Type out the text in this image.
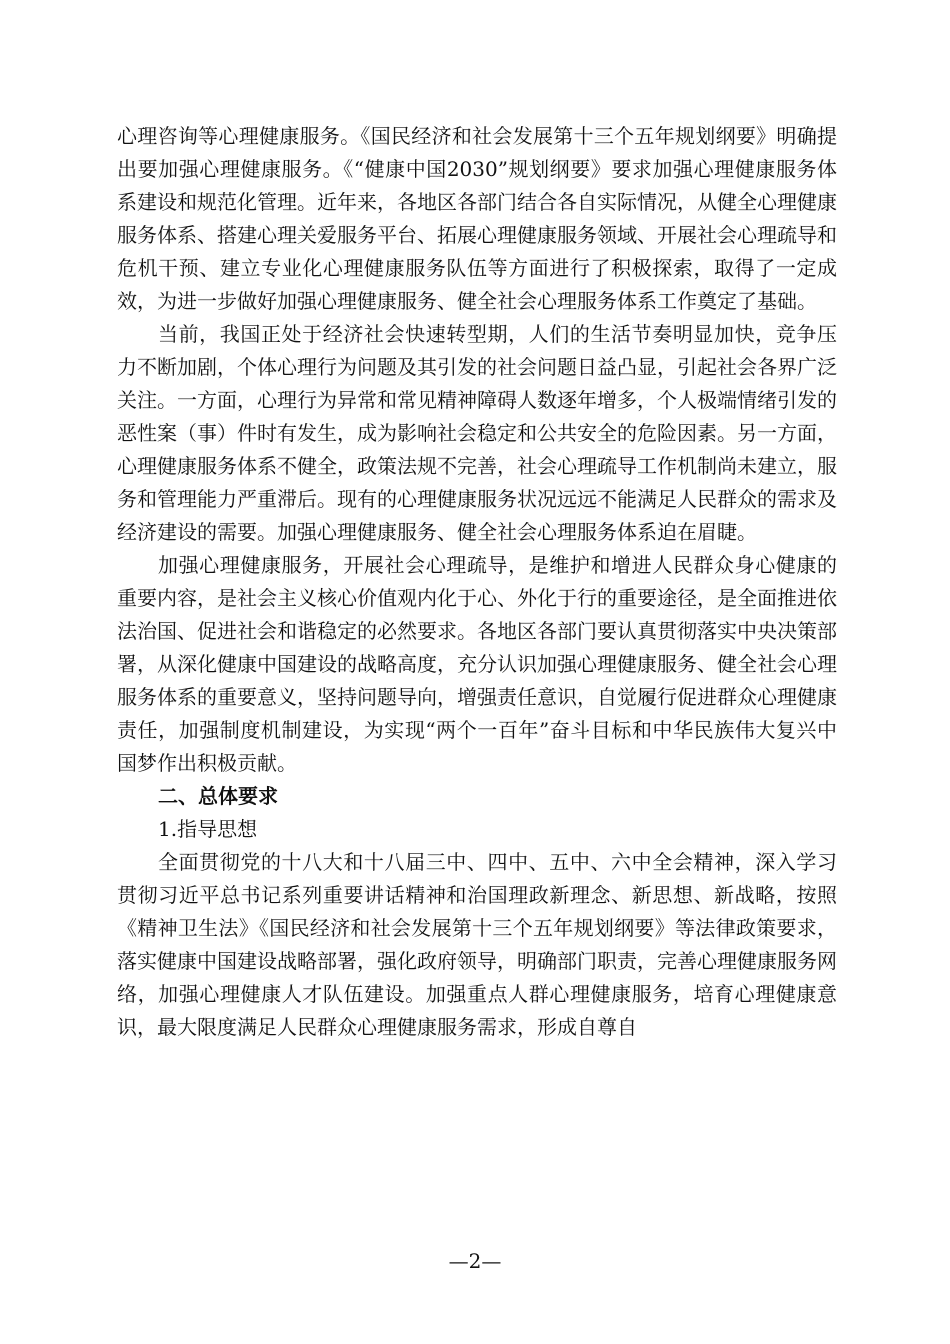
心理咨询等心理健康服务。《国民经济和社会发展第十三个五年规划纲要》明确提出要加强心理健康服务。《“健康中国2030”规划纲要》要求加强心理健康服务体系建设和规范化管理。近年来，各地区各部门结合各自实际情况，从健全心理健康服务体系、搭建心理关爱服务平台、拓展心理健康服务领域、开展社会心理疏导和危机干预、建立专业化心理健康服务队伍等方面进行了积极探索，取得了一定成效，为进一步做好加强心理健康服务、健全社会心理服务体系工作奠定了基础。

当前，我国正处于经济社会快速转型期，人们的生活节奏明显加快，竞争压力不断加剧，个体心理行为问题及其引发的社会问题日益凸显，引起社会各界广泛关注。一方面，心理行为异常和常见精神障碍人数逐年增多，个人极端情绪引发的恶性案（事）件时有发生，成为影响社会稳定和公共安全的危险因素。另一方面，心理健康服务体系不健全，政策法规不完善，社会心理疏导工作机制尚未建立，服务和管理能力严重滞后。现有的心理健康服务状况远远不能满足人民群众的需求及经济建设的需要。加强心理健康服务、健全社会心理服务体系迫在眉睫。

加强心理健康服务，开展社会心理疏导，是维护和增进人民群众身心健康的重要内容，是社会主义核心价值观内化于心、外化于行的重要途径，是全面推进依法治国、促进社会和谐稳定的必然要求。各地区各部门要认真贯彻落实中央决策部署，从深化健康中国建设的战略高度，充分认识加强心理健康服务、健全社会心理服务体系的重要意义，坚持问题导向，增强责任意识，自觉履行促进群众心理健康责任，加强制度机制建设，为实现“两个一百年”奋斗目标和中华民族伟大复兴中国梦作出积极贡献。

二、总体要求

1.指导思想

全面贯彻党的十八大和十八届三中、四中、五中、六中全会精神，深入学习贯彻习近平总书记系列重要讲话精神和治国理政新理念、新思想、新战略，按照《精神卫生法》《国民经济和社会发展第十三个五年规划纲要》等法律政策要求，落实健康中国建设战略部署，强化政府领导，明确部门职责，完善心理健康服务网络，加强心理健康人才队伍建设。加强重点人群心理健康服务，培育心理健康意识，最大限度满足人民群众心理健康服务需求，形成自尊自

—2—
